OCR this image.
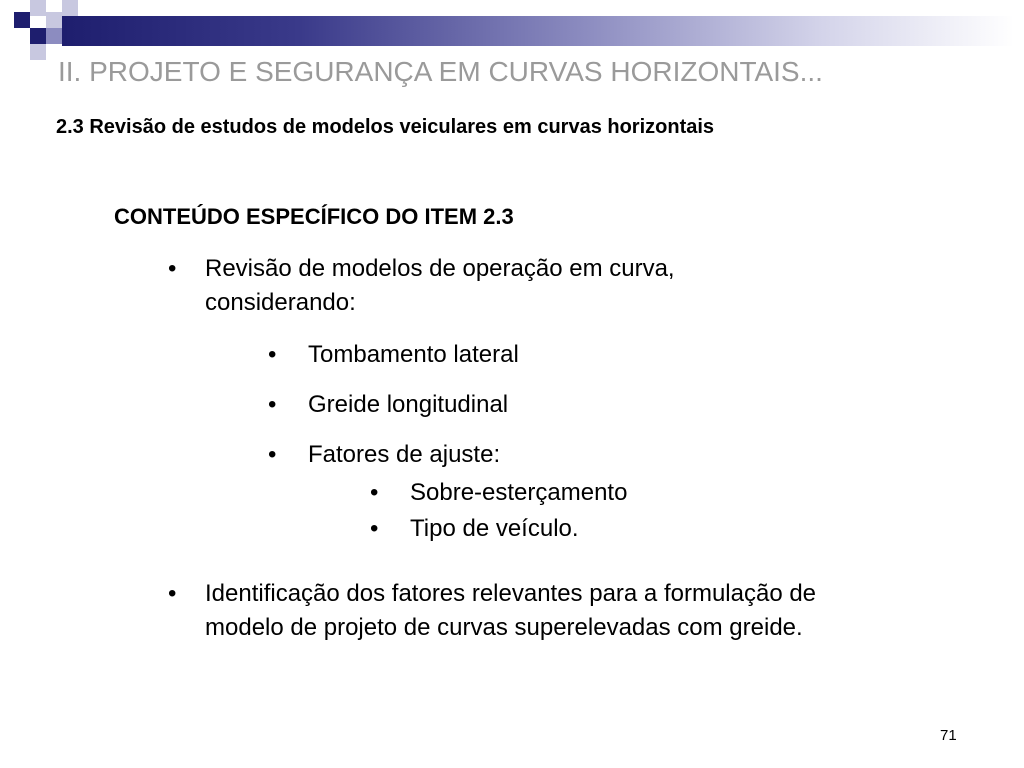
II. PROJETO E SEGURANÇA EM CURVAS HORIZONTAIS...
2.3 Revisão de estudos de modelos veiculares em curvas horizontais
CONTEÚDO ESPECÍFICO DO ITEM 2.3
• Revisão de modelos de operação em curva,
considerando:
• Tombamento lateral
• Greide longitudinal
• Fatores de ajuste:
• Sobre-esterçamento
• Tipo de veículo.
• Identificação dos fatores relevantes para a formulação de
modelo de projeto de curvas superelevadas com greide.
71
